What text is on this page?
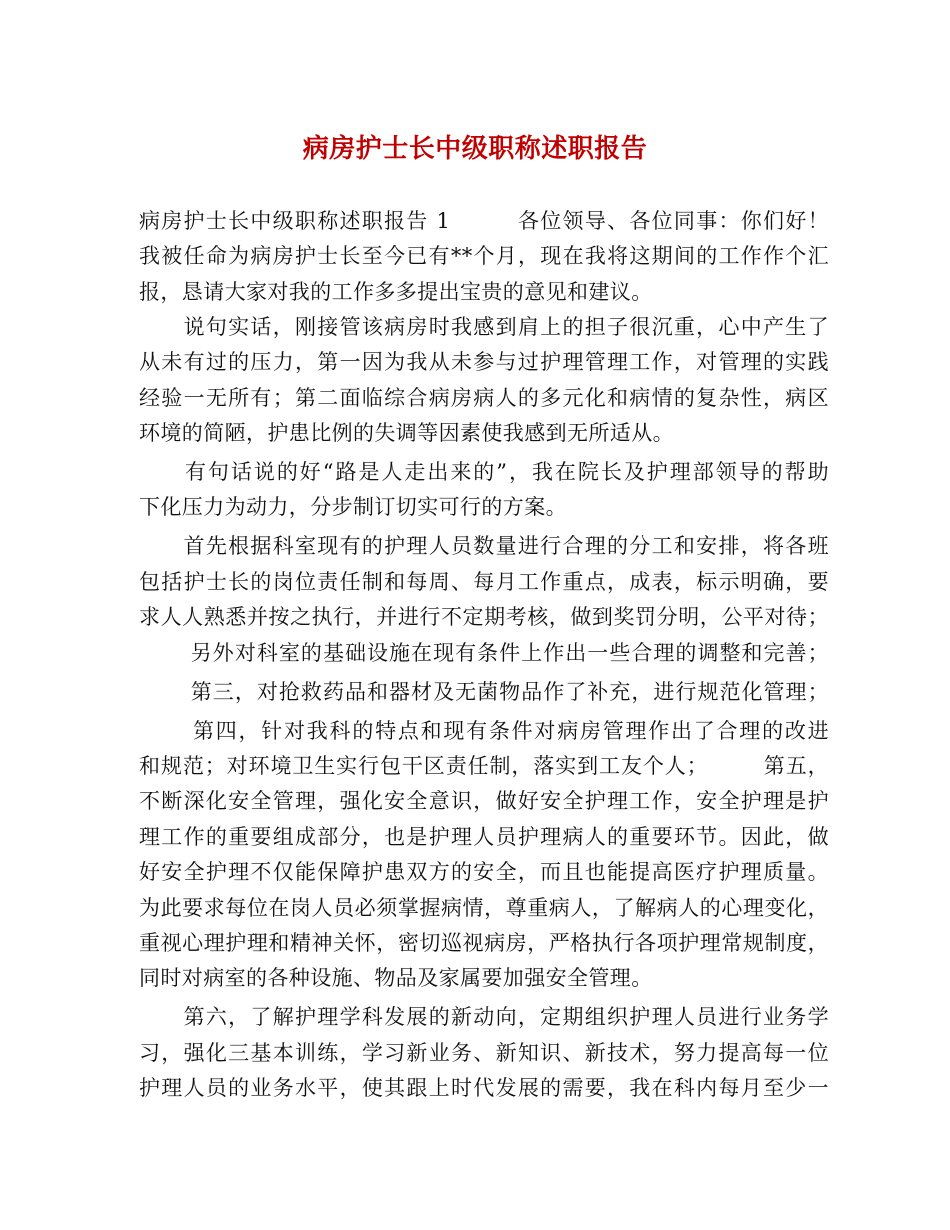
病房护士长中级职称述职报告
病房护士长中级职称述职报告 1　　　各位领导、各位同事：你们好！
我被任命为病房护士长至今已有**个月，现在我将这期间的工作作个汇
报，恳请大家对我的工作多多提出宝贵的意见和建议。
　　说句实话，刚接管该病房时我感到肩上的担子很沉重，心中产生了
从未有过的压力，第一因为我从未参与过护理管理工作，对管理的实践
经验一无所有；第二面临综合病房病人的多元化和病情的复杂性，病区
环境的简陋，护患比例的失调等因素使我感到无所适从。
　　有句话说的好“路是人走出来的”，我在院长及护理部领导的帮助
下化压力为动力，分步制订切实可行的方案。
　　首先根据科室现有的护理人员数量进行合理的分工和安排，将各班
包括护士长的岗位责任制和每周、每月工作重点，成表，标示明确，要
求人人熟悉并按之执行，并进行不定期考核，做到奖罚分明，公平对待；
　　 另外对科室的基础设施在现有条件上作出一些合理的调整和完善；
　　 第三，对抢救药品和器材及无菌物品作了补充，进行规范化管理；
　　 第四，针对我科的特点和现有条件对病房管理作出了合理的改进
和规范；对环境卫生实行包干区责任制，落实到工友个人；　　　第五，
不断深化安全管理，强化安全意识，做好安全护理工作，安全护理是护
理工作的重要组成部分，也是护理人员护理病人的重要环节。因此，做
好安全护理不仅能保障护患双方的安全，而且也能提高医疗护理质量。
为此要求每位在岗人员必须掌握病情，尊重病人，了解病人的心理变化，
重视心理护理和精神关怀，密切巡视病房，严格执行各项护理常规制度，
同时对病室的各种设施、物品及家属要加强安全管理。
　　第六，了解护理学科发展的新动向，定期组织护理人员进行业务学
习，强化三基本训练，学习新业务、新知识、新技术，努力提高每一位
护理人员的业务水平，使其跟上时代发展的需要，我在科内每月至少一
